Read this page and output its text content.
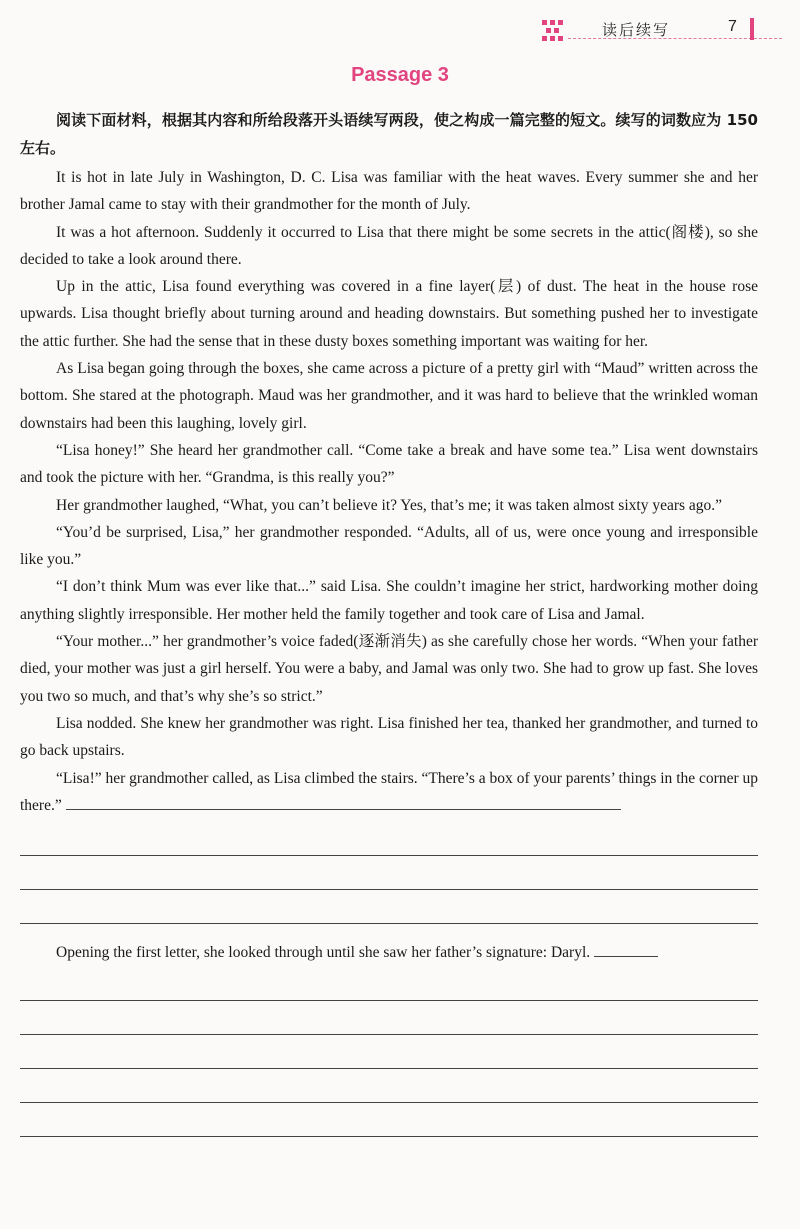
读后续写	7
Passage 3

阅读下面材料，根据其内容和所给段落开头语续写两段，使之构成一篇完整的短文。续写的词数应为 150 左右。

It is hot in late July in Washington, D. C. Lisa was familiar with the heat waves. Every summer she and her brother Jamal came to stay with their grandmother for the month of July.

It was a hot afternoon. Suddenly it occurred to Lisa that there might be some secrets in the attic(阁楼), so she decided to take a look around there.

Up in the attic, Lisa found everything was covered in a fine layer(层) of dust. The heat in the house rose upwards. Lisa thought briefly about turning around and heading downstairs. But something pushed her to investigate the attic further. She had the sense that in these dusty boxes something important was waiting for her.

As Lisa began going through the boxes, she came across a picture of a pretty girl with “Maud” written across the bottom. She stared at the photograph. Maud was her grandmother, and it was hard to believe that the wrinkled woman downstairs had been this laughing, lovely girl.

“Lisa honey!” She heard her grandmother call. “Come take a break and have some tea.” Lisa went downstairs and took the picture with her. “Grandma, is this really you?”

Her grandmother laughed, “What, you can’t believe it? Yes, that’s me; it was taken almost sixty years ago.”

“You’d be surprised, Lisa,” her grandmother responded. “Adults, all of us, were once young and irresponsible like you.”

“I don’t think Mum was ever like that...” said Lisa. She couldn’t imagine her strict, hardworking mother doing anything slightly irresponsible. Her mother held the family together and took care of Lisa and Jamal.

“Your mother...” her grandmother’s voice faded(逐渐消失) as she carefully chose her words. “When your father died, your mother was just a girl herself. You were a baby, and Jamal was only two. She had to grow up fast. She loves you two so much, and that’s why she’s so strict.”

Lisa nodded. She knew her grandmother was right. Lisa finished her tea, thanked her grandmother, and turned to go back upstairs.

“Lisa!” her grandmother called, as Lisa climbed the stairs. “There’s a box of your parents’ things in the corner up there.”

Opening the first letter, she looked through until she saw her father’s signature: Daryl.
